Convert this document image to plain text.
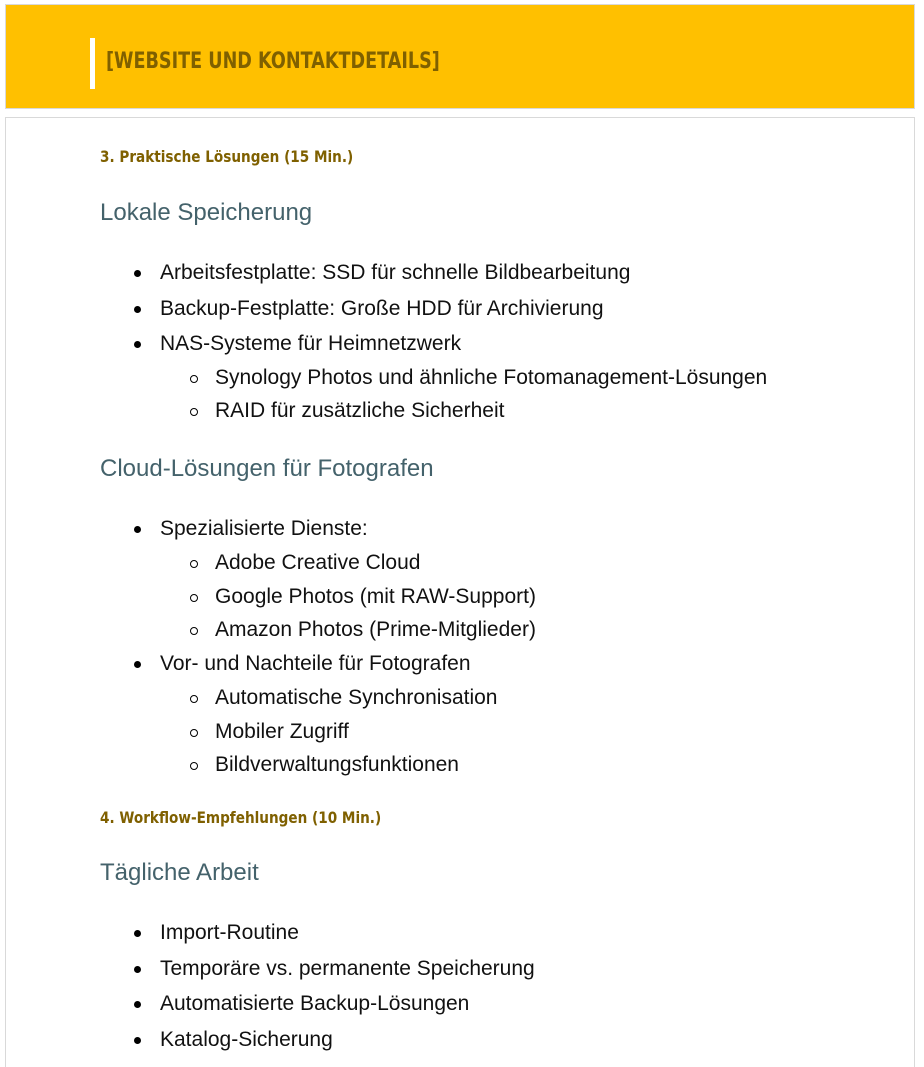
[WEBSITE UND KONTAKTDETAILS]
3. Praktische Lösungen (15 Min.)
Lokale Speicherung
Arbeitsfestplatte: SSD für schnelle Bildbearbeitung
Backup-Festplatte: Große HDD für Archivierung
NAS-Systeme für Heimnetzwerk
Synology Photos und ähnliche Fotomanagement-Lösungen
RAID für zusätzliche Sicherheit
Cloud-Lösungen für Fotografen
Spezialisierte Dienste:
Adobe Creative Cloud
Google Photos (mit RAW-Support)
Amazon Photos (Prime-Mitglieder)
Vor- und Nachteile für Fotografen
Automatische Synchronisation
Mobiler Zugriff
Bildverwaltungsfunktionen
4. Workflow-Empfehlungen (10 Min.)
Tägliche Arbeit
Import-Routine
Temporäre vs. permanente Speicherung
Automatisierte Backup-Lösungen
Katalog-Sicherung
